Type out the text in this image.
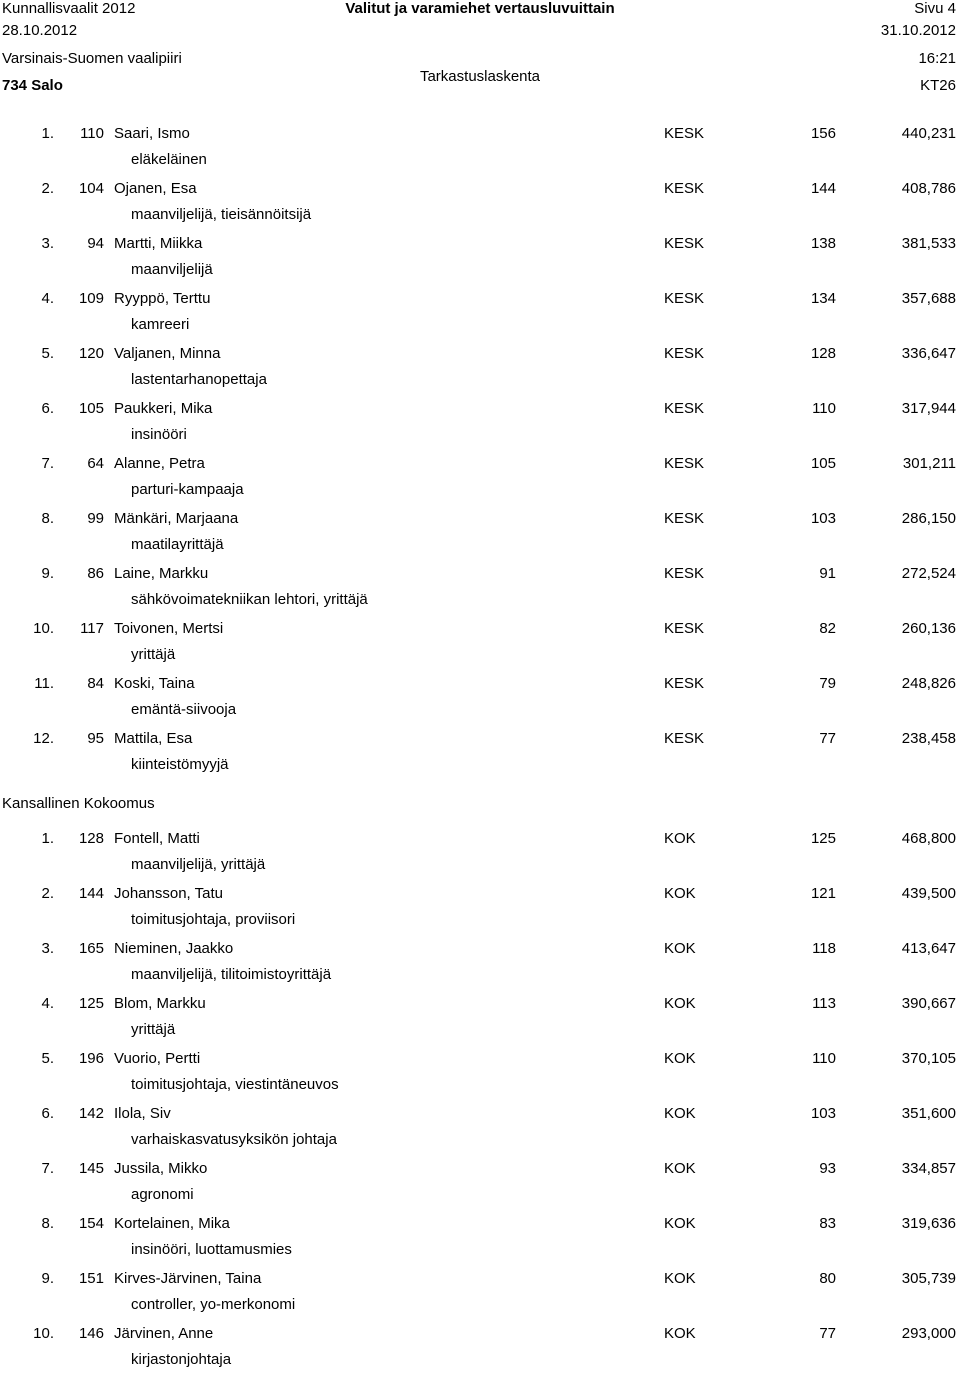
Kunnallisvaalit 2012	Valitut ja varamiehet vertausluvuittain	Sivu 4
28.10.2012	31.10.2012
Varsinais-Suomen vaalipiiri	16:21
Tarkastuslaskenta
734 Salo	KT26
1. 110 Saari, Ismo	KESK	156	440,231
eläkeläinen
2. 104 Ojanen, Esa	KESK	144	408,786
maanviljelijä, tieisännöitsijä
3. 94 Martti, Miikka	KESK	138	381,533
maanviljelijä
4. 109 Ryyppö, Terttu	KESK	134	357,688
kamreeri
5. 120 Valjanen, Minna	KESK	128	336,647
lastentarhanopettaja
6. 105 Paukkeri, Mika	KESK	110	317,944
insinööri
7. 64 Alanne, Petra	KESK	105	301,211
parturi-kampaaja
8. 99 Mänkäri, Marjaana	KESK	103	286,150
maatilayrittäjä
9. 86 Laine, Markku	KESK	91	272,524
sähkövoimatekniikan lehtori, yrittäjä
10. 117 Toivonen, Mertsi	KESK	82	260,136
yrittäjä
11. 84 Koski, Taina	KESK	79	248,826
emäntä-siivooja
12. 95 Mattila, Esa	KESK	77	238,458
kiinteistömyyjä
Kansallinen Kokoomus
1. 128 Fontell, Matti	KOK	125	468,800
maanviljelijä, yrittäjä
2. 144 Johansson, Tatu	KOK	121	439,500
toimitusjohtaja, proviisori
3. 165 Nieminen, Jaakko	KOK	118	413,647
maanviljelijä, tilitoimistoyrittäjä
4. 125 Blom, Markku	KOK	113	390,667
yrittäjä
5. 196 Vuorio, Pertti	KOK	110	370,105
toimitusjohtaja, viestintäneuvos
6. 142 Ilola, Siv	KOK	103	351,600
varhaiskasvatusyksikön johtaja
7. 145 Jussila, Mikko	KOK	93	334,857
agronomi
8. 154 Kortelainen, Mika	KOK	83	319,636
insinööri, luottamusmies
9. 151 Kirves-Järvinen, Taina	KOK	80	305,739
controller, yo-merkonomi
10. 146 Järvinen, Anne	KOK	77	293,000
kirjastonjohtaja
